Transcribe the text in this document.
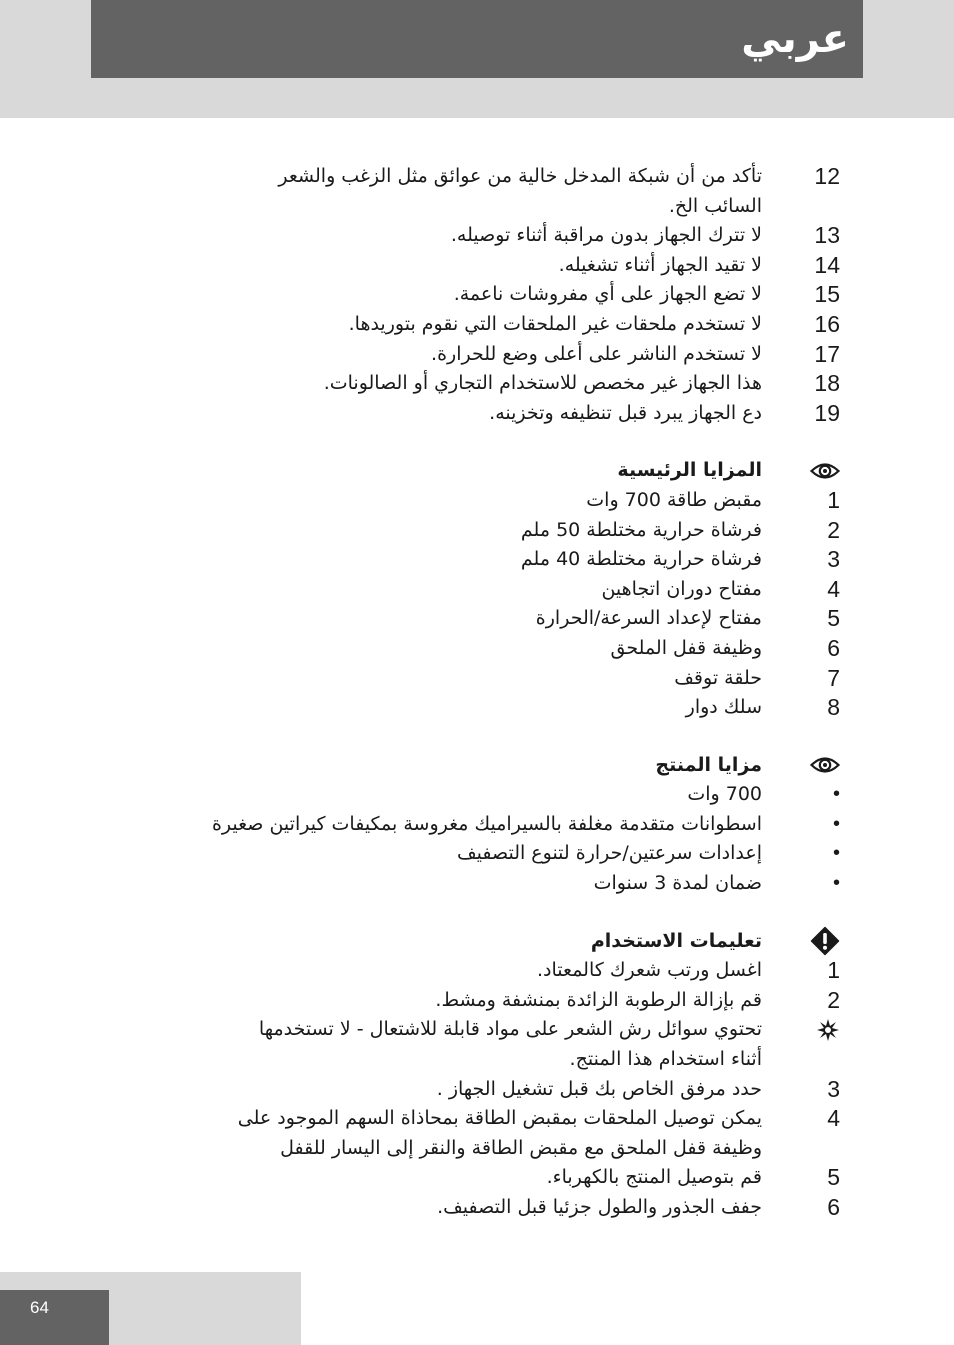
عربي
12
تأكد من أن شبكة المدخل خالية من عوائق مثل الزغب والشعر
السائب الخ.
13
لا تترك الجهاز بدون مراقبة أثناء توصيله.
14
لا تقيد الجهاز أثناء تشغيله.
15
لا تضع الجهاز على أي مفروشات ناعمة.
16
لا تستخدم ملحقات غير الملحقات التي نقوم بتوريدها.
17
لا تستخدم الناشر على أعلى وضع للحرارة.
18
هذا الجهاز غير مخصص للاستخدام التجاري أو الصالونات.
19
دع الجهاز يبرد قبل تنظيفه وتخزينه.
المزايا الرئيسية
1
مقبض طاقة 700 وات
2
فرشاة حرارية مختلطة 50 ملم
3
فرشاة حرارية مختلطة 40 ملم
4
مفتاح دوران اتجاهين
5
مفتاح لإعداد السرعة/الحرارة
6
وظيفة قفل الملحق
7
حلقة توقف
8
سلك دوار
مزايا المنتج
•
700 وات
•
اسطوانات متقدمة مغلفة بالسيراميك مغروسة بمكيفات كيراتين صغيرة
•
إعدادات سرعتين/حرارة لتنوع التصفيف
•
ضمان لمدة 3 سنوات
تعليمات الاستخدام
1
اغسل ورتب شعرك كالمعتاد.
2
قم بإزالة الرطوبة الزائدة بمنشفة ومشط.
تحتوي سوائل رش الشعر على مواد قابلة للاشتعال - لا تستخدمها
أثناء استخدام هذا المنتج.
3
حدد مرفق الخاص بك قبل تشغيل الجهاز .
4
يمكن توصيل الملحقات بمقبض الطاقة بمحاذاة السهم الموجود على
وظيفة قفل الملحق مع مقبض الطاقة والنقر إلى اليسار للقفل
5
قم بتوصيل المنتج بالكهرباء.
6
جفف الجذور والطول جزئيا قبل التصفيف.
64
